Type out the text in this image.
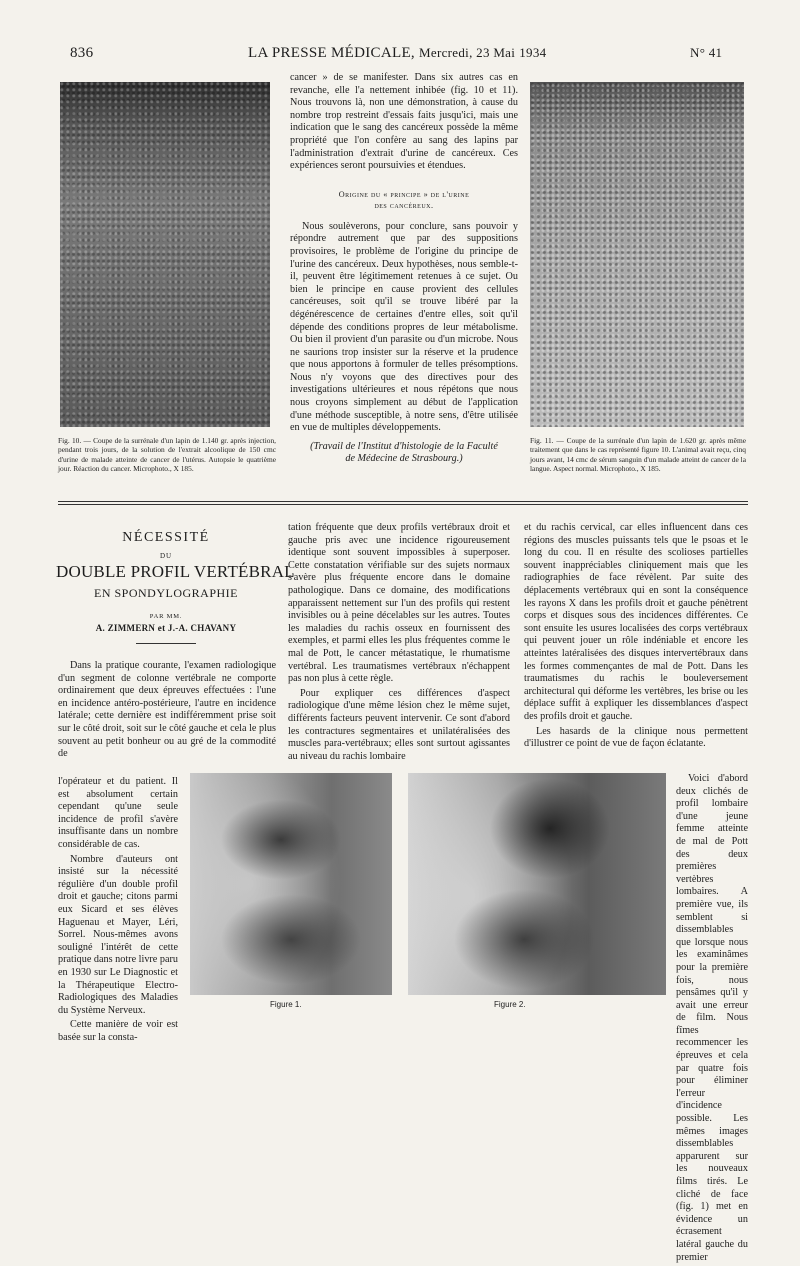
836	LA PRESSE MÉDICALE, Mercredi, 23 Mai 1934	N° 41
Fig. 10. — Coupe de la surrénale d'un lapin de 1.140 gr. après injection, pendant trois jours, de la solution de l'extrait alcoolique de 150 cmc d'urine de malade atteinte de cancer de l'utérus. Autopsie le quatrième jour. Réaction du cancer. Microphoto., X 185.

cancer » de se manifester. Dans six autres cas en revanche, elle l'a nettement inhibée (fig. 10 et 11). Nous trouvons là, non une démonstration, à cause du nombre trop restreint d'essais faits jusqu'ici, mais une indication que le sang des cancéreux possède la même propriété que l'on confère au sang des lapins par l'administration d'extrait d'urine de cancéreux. Ces expériences seront poursuivies et étendues.

Origine du « principe » de l'urine
des cancéreux.

Nous soulèverons, pour conclure, sans pouvoir y répondre autrement que par des suppositions provisoires, le problème de l'origine du principe de l'urine des cancéreux. Deux hypothèses, nous semble-t-il, peuvent être légitimement retenues à ce sujet. Ou bien le principe en cause provient des cellules cancéreuses, soit qu'il se trouve libéré par la dégénérescence de certaines d'entre elles, soit qu'il dépende des conditions propres de leur métabolisme. Ou bien il provient d'un parasite ou d'un microbe. Nous ne saurions trop insister sur la réserve et la prudence que nous apportons à formuler de telles présomptions. Nous n'y voyons que des directives pour des investigations ultérieures et nous répétons que nous nous croyons simplement au début de l'application d'une méthode susceptible, à notre sens, d'être utilisée en vue de multiples développements.

(Travail de l'Institut d'histologie de la Faculté
de Médecine de Strasbourg.)
Fig. 11. — Coupe de la surrénale d'un lapin de 1.620 gr. après même traitement que dans le cas représenté figure 10. L'animal avait reçu, cinq jours avant, 14 cmc de sérum sanguin d'un malade atteint de cancer de la langue. Aspect normal. Microphoto., X 185.
NÉCESSITÉ
DU
DOUBLE PROFIL VERTÉBRAL
EN SPONDYLOGRAPHIE
PAR MM.
A. ZIMMERN et J.-A. CHAVANY

Dans la pratique courante, l'examen radiologique d'un segment de colonne vertébrale ne comporte ordinairement que deux épreuves effectuées : l'une en incidence antéro-postérieure, l'autre en incidence latérale; cette dernière est indifféremment prise soit sur le côté droit, soit sur le côté gauche et cela le plus souvent au petit bonheur ou au gré de la commodité de

l'opérateur et du patient. Il est absolument certain cependant qu'une seule incidence de profil s'avère insuffisante dans un nombre considérable de cas.

Nombre d'auteurs ont insisté sur la nécessité régulière d'un double profil droit et gauche; citons parmi eux Sicard et ses élèves Haguenau et Mayer, Léri, Sorrel. Nous-mêmes avons souligné l'intérêt de cette pratique dans notre livre paru en 1930 sur Le Diagnostic et la Thérapeutique Electro-Radiologiques des Maladies du Système Nerveux.

Cette manière de voir est basée sur la consta-

tation fréquente que deux profils vertébraux droit et gauche pris avec une incidence rigoureusement identique sont souvent impossibles à superposer. Cette constatation vérifiable sur des sujets normaux s'avère plus fréquente encore dans le domaine pathologique. Dans ce domaine, des modifications apparaissent nettement sur l'un des profils qui restent invisibles ou à peine décelables sur les autres. Toutes les maladies du rachis osseux en fournissent des exemples, et parmi elles les plus fréquentes comme le mal de Pott, le cancer métastatique, le rhumatisme vertébral. Les traumatismes vertébraux n'échappent pas non plus à cette règle.

Pour expliquer ces différences d'aspect radiologique d'une même lésion chez le même sujet, différents facteurs peuvent intervenir. Ce sont d'abord les contractures segmentaires et unilatéralisées des muscles para-vertébraux; elles sont surtout agissantes au niveau du rachis lombaire

et du rachis cervical, car elles influencent dans ces régions des muscles puissants tels que le psoas et le long du cou. Il en résulte des scolioses partielles souvent inappréciables cliniquement mais que les radiographies de face révèlent. Par suite des déplacements vertébraux qui en sont la conséquence les rayons X dans les profils droit et gauche pénètrent corps et disques sous des incidences différentes. Ce sont ensuite les usures localisées des corps vertébraux qui peuvent jouer un rôle indéniable et encore les atteintes latéralisées des disques intervertébraux dans les formes commençantes de mal de Pott. Dans les traumatismes du rachis le bouleversement architectural qui déforme les vertèbres, les brise ou les déplace suffit à expliquer les dissemblances d'aspect des profils droit et gauche.

Les hasards de la clinique nous permettent d'illustrer ce point de vue de façon éclatante.

Voici d'abord deux clichés de profil lombaire d'une jeune femme atteinte de mal de Pott des deux premières vertèbres lombaires. A première vue, ils semblent si dissemblables que lorsque nous les examinâmes pour la première fois, nous pensâmes qu'il y avait une erreur de film. Nous fîmes recommencer les épreuves et cela par quatre fois pour éliminer l'erreur d'incidence possible. Les mêmes images dissemblables apparurent sur les nouveaux films tirés. Le cliché de face (fig. 1) met en évidence un écrasement latéral gauche du premier

Figure 1.	Figure 2.
